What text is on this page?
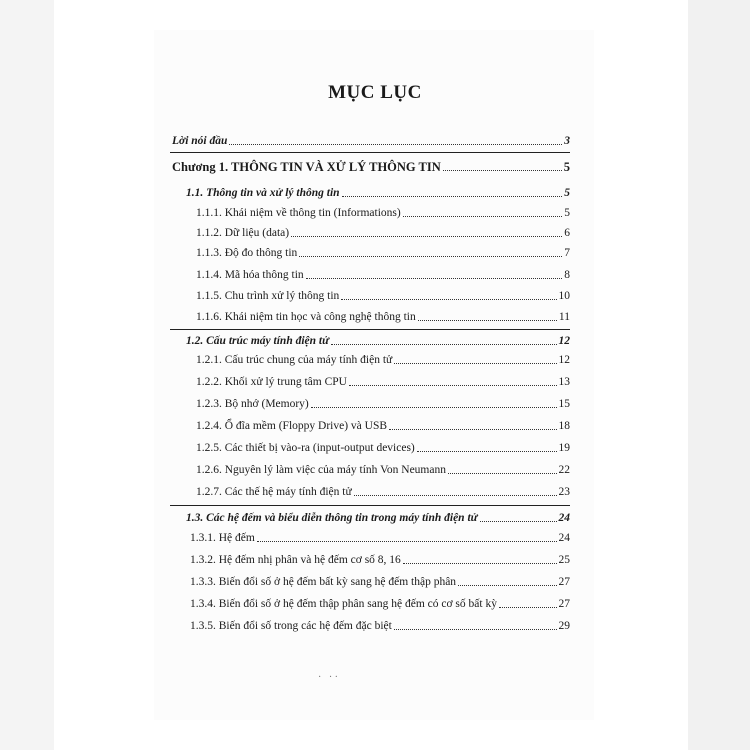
MỤC LỤC
Lời nói đầu	3
Chương 1. THÔNG TIN VÀ XỬ LÝ THÔNG TIN	5
1.1. Thông tin và xử lý thông tin	5
1.1.1. Khái niệm về thông tin (Informations)	5
1.1.2. Dữ liệu (data)	6
1.1.3. Độ đo thông tin	7
1.1.4. Mã hóa thông tin	8
1.1.5. Chu trình xử lý thông tin	10
1.1.6. Khái niệm tin học và công nghệ thông tin	11
1.2. Cấu trúc máy tính điện tử	12
1.2.1. Cấu trúc chung của máy tính điện tử	12
1.2.2. Khối xử lý trung tâm CPU	13
1.2.3. Bộ nhớ (Memory)	15
1.2.4. Ổ đĩa mềm (Floppy Drive) và USB	18
1.2.5. Các thiết bị vào-ra (input-output devices)	19
1.2.6. Nguyên lý làm việc của máy tính Von Neumann	22
1.2.7. Các thế hệ máy tính điện tử	23
1.3. Các hệ đếm và biểu diễn thông tin trong máy tính điện tử	24
1.3.1. Hệ đếm	24
1.3.2. Hệ đếm nhị phân và hệ đếm cơ số 8, 16	25
1.3.3. Biến đổi số ở hệ đếm bất kỳ sang hệ đếm thập phân	27
1.3.4. Biến đổi số ở hệ đếm thập phân sang hệ đếm có cơ số bất kỳ	27
1.3.5. Biến đổi số trong các hệ đếm đặc biệt	29
·   · ·
